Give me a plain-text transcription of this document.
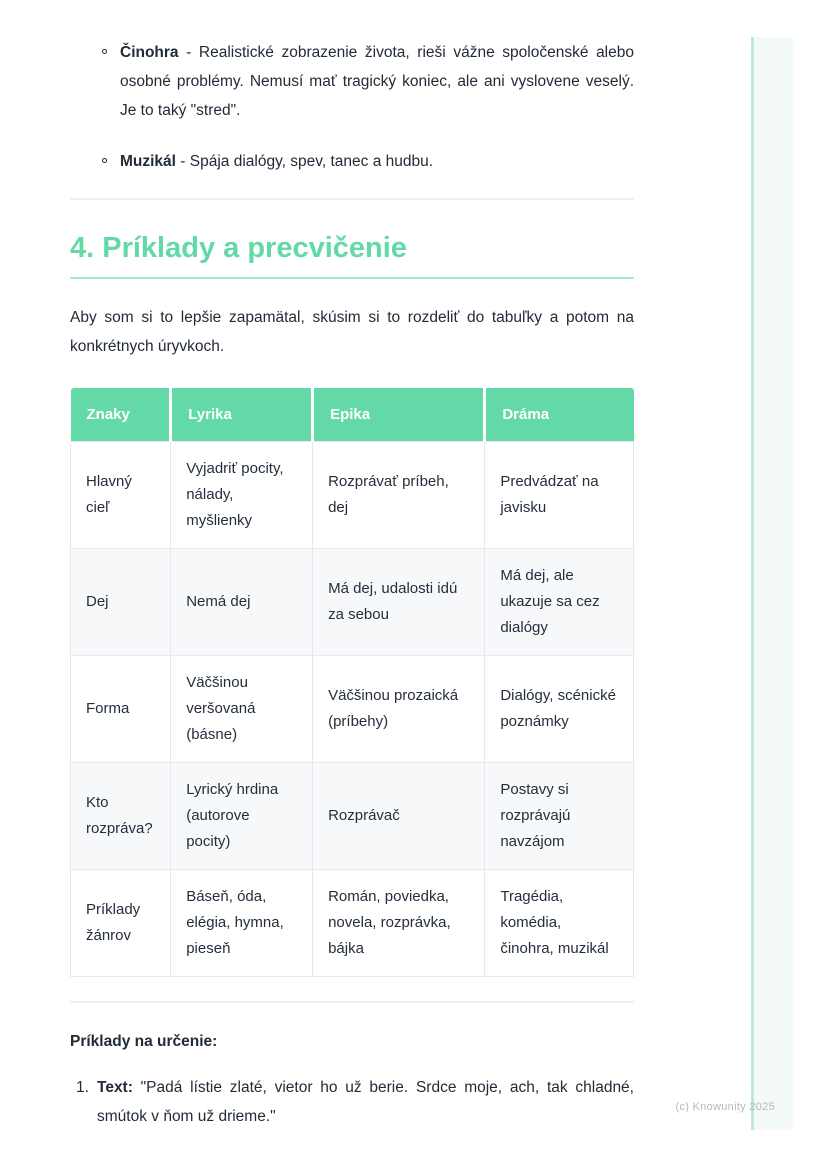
Činohra - Realistické zobrazenie života, rieši vážne spoločenské alebo osobné problémy. Nemusí mať tragický koniec, ale ani vyslovene veselý. Je to taký "stred".
Muzikál - Spája dialógy, spev, tanec a hudbu.
4. Príklady a precvičenie

Aby som si to lepšie zapamätal, skúsim si to rozdeliť do tabuľky a potom na konkrétnych úryvkoch.

Znaky	Lyrika	Epika	Dráma
Hlavný cieľ	Vyjadriť pocity, nálady, myšlienky	Rozprávať príbeh, dej	Predvádzať na javisku
Dej	Nemá dej	Má dej, udalosti idú za sebou	Má dej, ale ukazuje sa cez dialógy
Forma	Väčšinou veršovaná (básne)	Väčšinou prozaická (príbehy)	Dialógy, scénické poznámky
Kto rozpráva?	Lyrický hrdina (autorove pocity)	Rozprávač	Postavy si rozprávajú navzájom
Príklady žánrov	Báseň, óda, elégia, hymna, pieseň	Román, poviedka, novela, rozprávka, bájka	Tragédia, komédia, činohra, muzikál

Príklady na určenie:

1. Text: "Padá lístie zlaté, vietor ho už berie. Srdce moje, ach, tak chladné, smútok v ňom už drieme."
(c) Knowunity 2025
